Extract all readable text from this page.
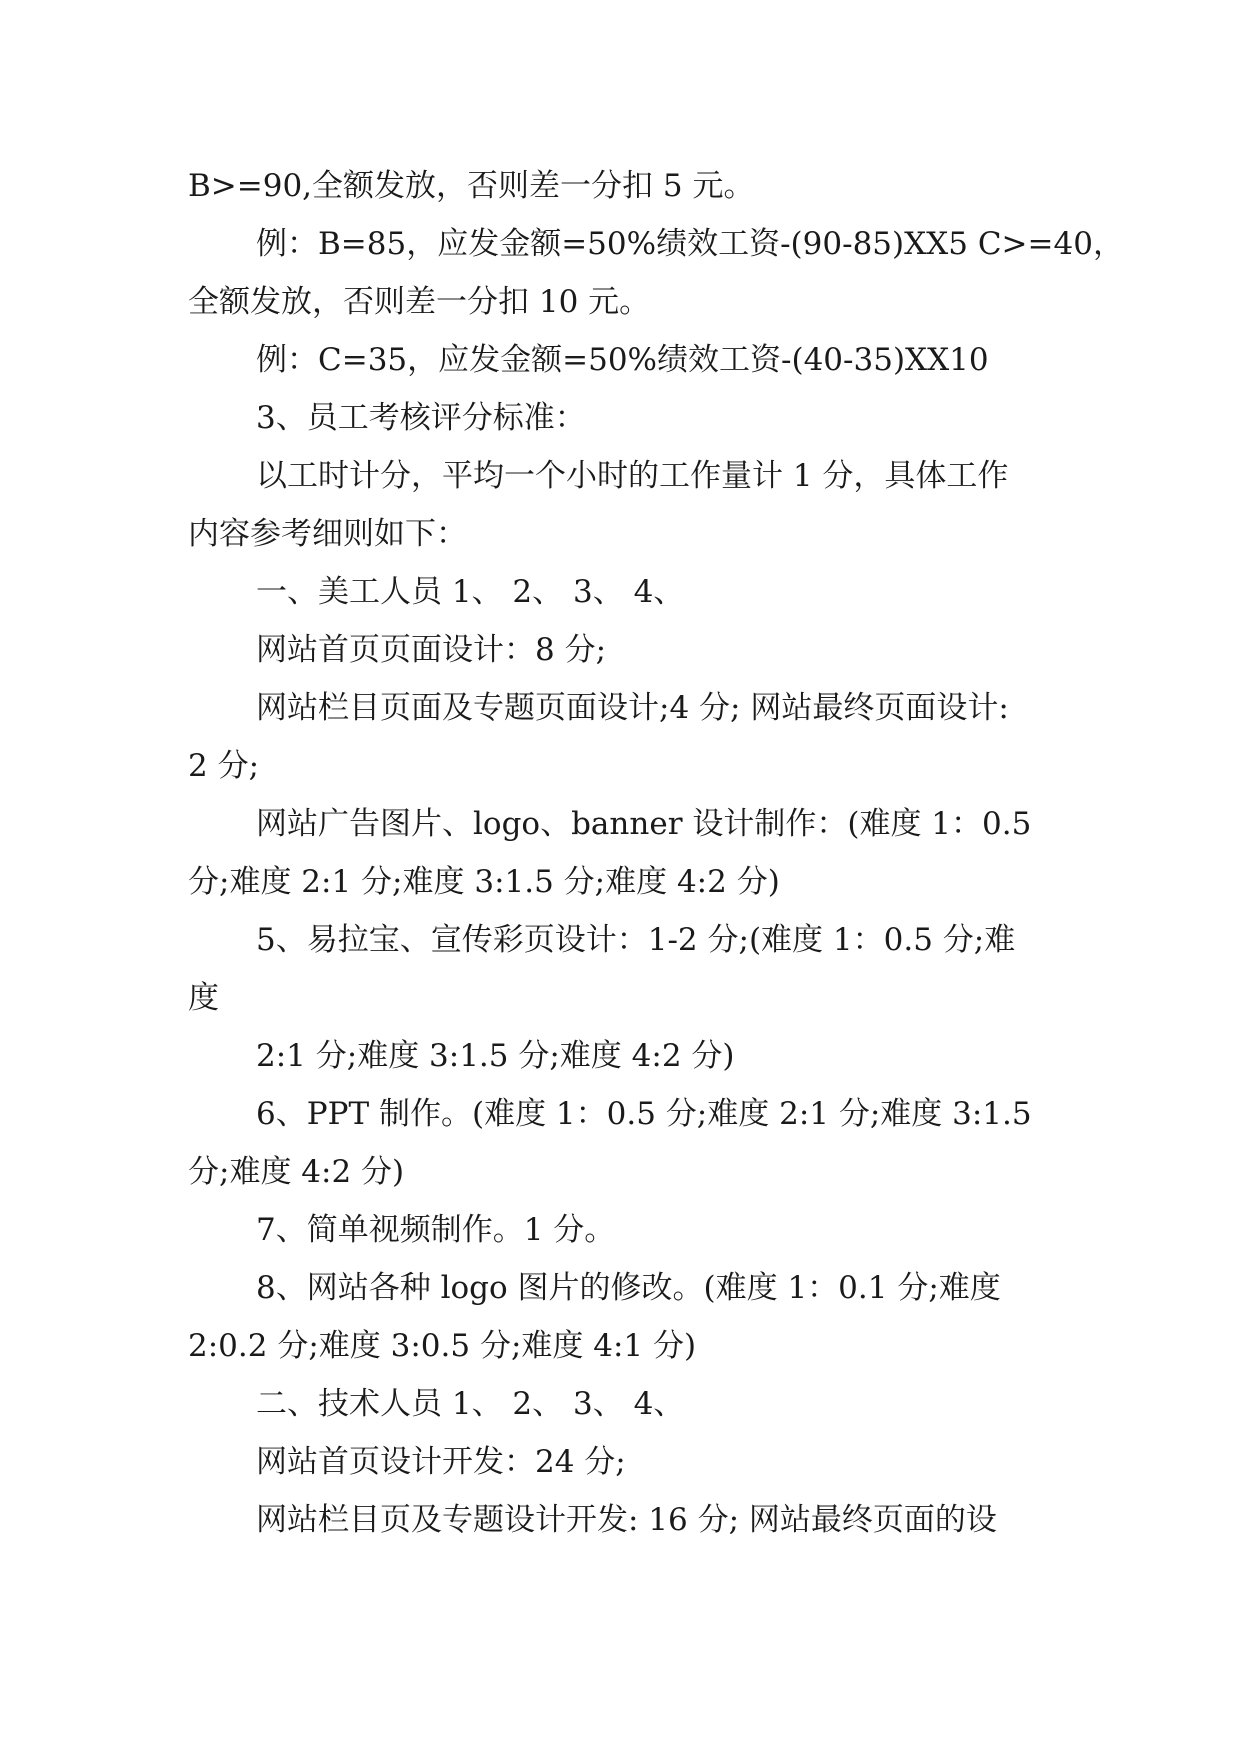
B>=90,全额发放，否则差一分扣 5 元。
例：B=85，应发金额=50%绩效工资-(90-85)XX5 C>=40，
全额发放，否则差一分扣 10 元。
例：C=35，应发金额=50%绩效工资-(40-35)XX10
3、员工考核评分标准：
以工时计分，平均一个小时的工作量计 1 分，具体工作
内容参考细则如下：
一、美工人员 1、 2、 3、 4、
网站首页页面设计：8 分;
网站栏目页面及专题页面设计;4 分; 网站最终页面设计:
2 分;
网站广告图片、logo、banner 设计制作：(难度 1：0.5
分;难度 2:1 分;难度 3:1.5 分;难度 4:2 分)
5、易拉宝、宣传彩页设计：1-2 分;(难度 1：0.5 分;难
度
2:1 分;难度 3:1.5 分;难度 4:2 分)
6、PPT 制作。(难度 1：0.5 分;难度 2:1 分;难度 3:1.5
分;难度 4:2 分)
7、简单视频制作。1 分。
8、网站各种 logo 图片的修改。(难度 1：0.1 分;难度
2:0.2 分;难度 3:0.5 分;难度 4:1 分)
二、技术人员 1、 2、 3、 4、
网站首页设计开发：24 分;
网站栏目页及专题设计开发: 16 分; 网站最终页面的设
